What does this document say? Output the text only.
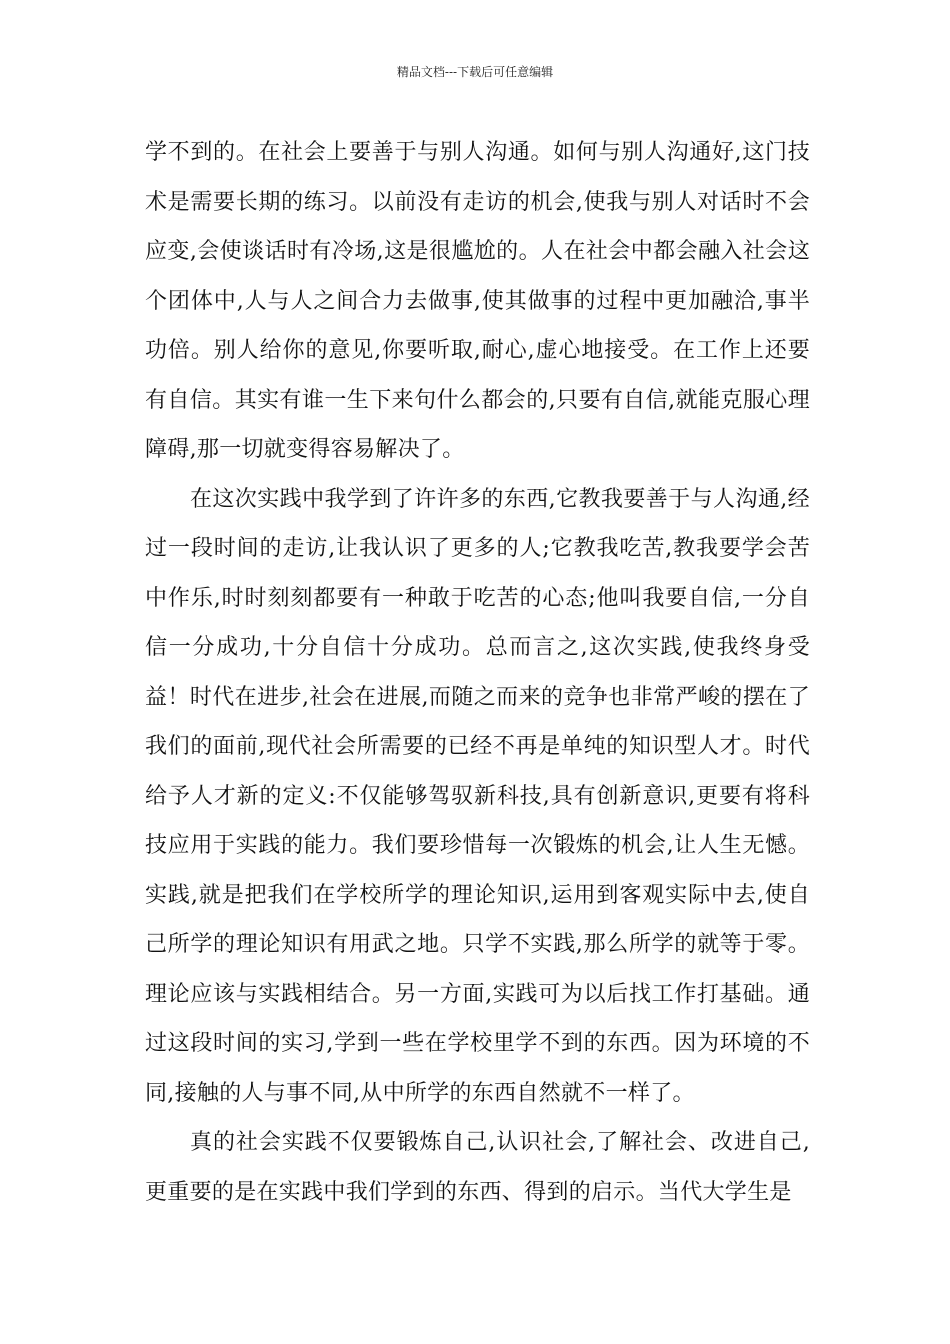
精品文档---下载后可任意编辑

学不到的。在社会上要善于与别人沟通。如何与别人沟通好,这门技术是需要长期的练习。以前没有走访的机会,使我与别人对话时不会应变,会使谈话时有冷场,这是很尴尬的。人在社会中都会融入社会这个团体中,人与人之间合力去做事,使其做事的过程中更加融洽,事半功倍。别人给你的意见,你要听取,耐心,虚心地接受。在工作上还要有自信。其实有谁一生下来句什么都会的,只要有自信,就能克服心理障碍,那一切就变得容易解决了。

在这次实践中我学到了许许多的东西,它教我要善于与人沟通,经过一段时间的走访,让我认识了更多的人;它教我吃苦,教我要学会苦中作乐,时时刻刻都要有一种敢于吃苦的心态;他叫我要自信,一分自信一分成功,十分自信十分成功。总而言之,这次实践,使我终身受益！时代在进步,社会在进展,而随之而来的竞争也非常严峻的摆在了我们的面前,现代社会所需要的已经不再是单纯的知识型人才。时代给予人才新的定义:不仅能够驾驭新科技,具有创新意识,更要有将科技应用于实践的能力。我们要珍惜每一次锻炼的机会,让人生无憾。实践,就是把我们在学校所学的理论知识,运用到客观实际中去,使自己所学的理论知识有用武之地。只学不实践,那么所学的就等于零。理论应该与实践相结合。另一方面,实践可为以后找工作打基础。通过这段时间的实习,学到一些在学校里学不到的东西。因为环境的不同,接触的人与事不同,从中所学的东西自然就不一样了。

真的社会实践不仅要锻炼自己,认识社会,了解社会、改进自己,更重要的是在实践中我们学到的东西、得到的启示。当代大学生是
